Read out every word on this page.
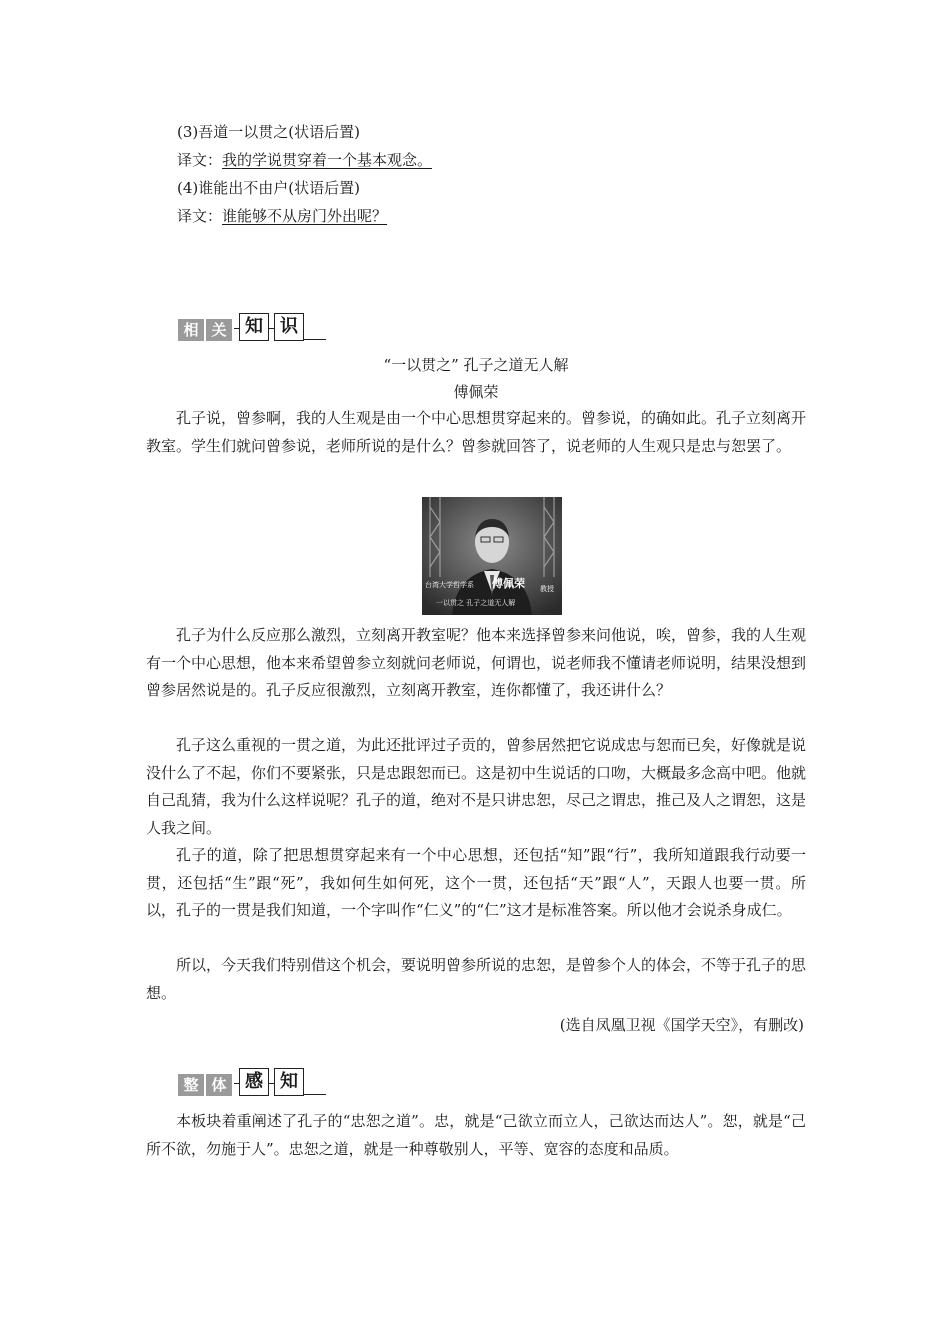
(3)吾道一以贯之(状语后置)
译文：我的学说贯穿着一个基本观念。
(4)谁能出不由户(状语后置)
译文：谁能够不从房门外出呢？
相 关	知 识
“一以贯之” 孔子之道无人解
傅佩荣
孔子说，曾参啊，我的人生观是由一个中心思想贯穿起来的。曾参说，的确如此。孔子立刻离开教室。学生们就问曾参说，老师所说的是什么？曾参就回答了，说老师的人生观只是忠与恕罢了。
台湾大学哲学系 傅佩荣 教授
一以贯之 孔子之道无人解
孔子为什么反应那么激烈，立刻离开教室呢？他本来选择曾参来问他说，唉，曾参，我的人生观有一个中心思想，他本来希望曾参立刻就问老师说，何谓也，说老师我不懂请老师说明，结果没想到曾参居然说是的。孔子反应很激烈，立刻离开教室，连你都懂了，我还讲什么？
孔子这么重视的一贯之道，为此还批评过子贡的，曾参居然把它说成忠与恕而已矣，好像就是说没什么了不起，你们不要紧张，只是忠跟恕而已。这是初中生说话的口吻，大概最多念高中吧。他就自己乱猜，我为什么这样说呢？孔子的道，绝对不是只讲忠恕，尽己之谓忠，推己及人之谓恕，这是人我之间。
孔子的道，除了把思想贯穿起来有一个中心思想，还包括“知”跟“行”，我所知道跟我行动要一贯，还包括“生”跟“死”，我如何生如何死，这个一贯，还包括“天”跟“人”，天跟人也要一贯。所以，孔子的一贯是我们知道，一个字叫作“仁义”的“仁”这才是标准答案。所以他才会说杀身成仁。
所以，今天我们特别借这个机会，要说明曾参所说的忠恕，是曾参个人的体会，不等于孔子的思想。
(选自凤凰卫视《国学天空》，有删改)
整 体	感 知
本板块着重阐述了孔子的“忠恕之道”。忠，就是“己欲立而立人，己欲达而达人”。恕，就是“己所不欲，勿施于人”。忠恕之道，就是一种尊敬别人，平等、宽容的态度和品质。
